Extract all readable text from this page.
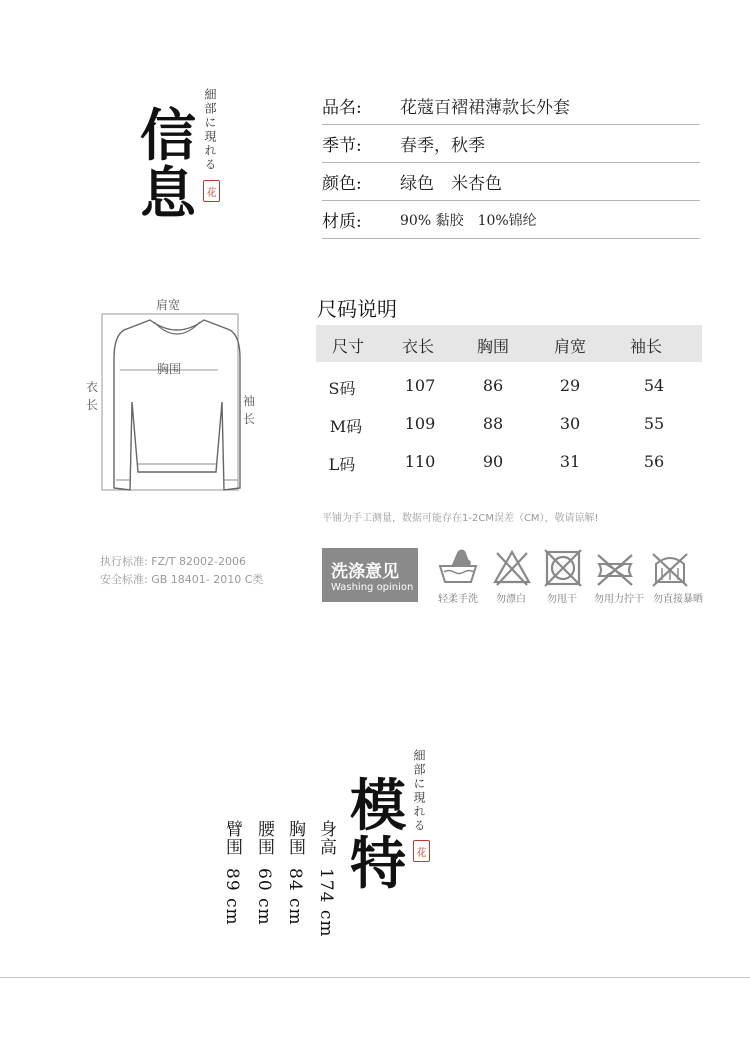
信
息
細部に現れる
花
品名:	花蔻百褶裙薄款长外套
季节:	春季，秋季
颜色:	绿色　米杏色
材质:	90% 黏胶　10%锦纶
肩宽
胸围
衣
长	袖
长
尺码说明
尺寸	衣长	胸围	肩宽	袖长
S码	107	86	29	54
M码	109	88	30	55
L码	110	90	31	56
平铺为手工测量，数据可能存在1-2CM误差（CM），敬请谅解!
执行标准: FZ/T 82002-2006
安全标准: GB 18401- 2010 C类	洗涤意见
Washing opinion
轻柔手洗	勿漂白	勿甩干	勿用力拧干 勿直接暴晒
模
特
細部に現れる
花
身高174 cm
胸围84 cm
腰围60 cm
臂围89 cm
